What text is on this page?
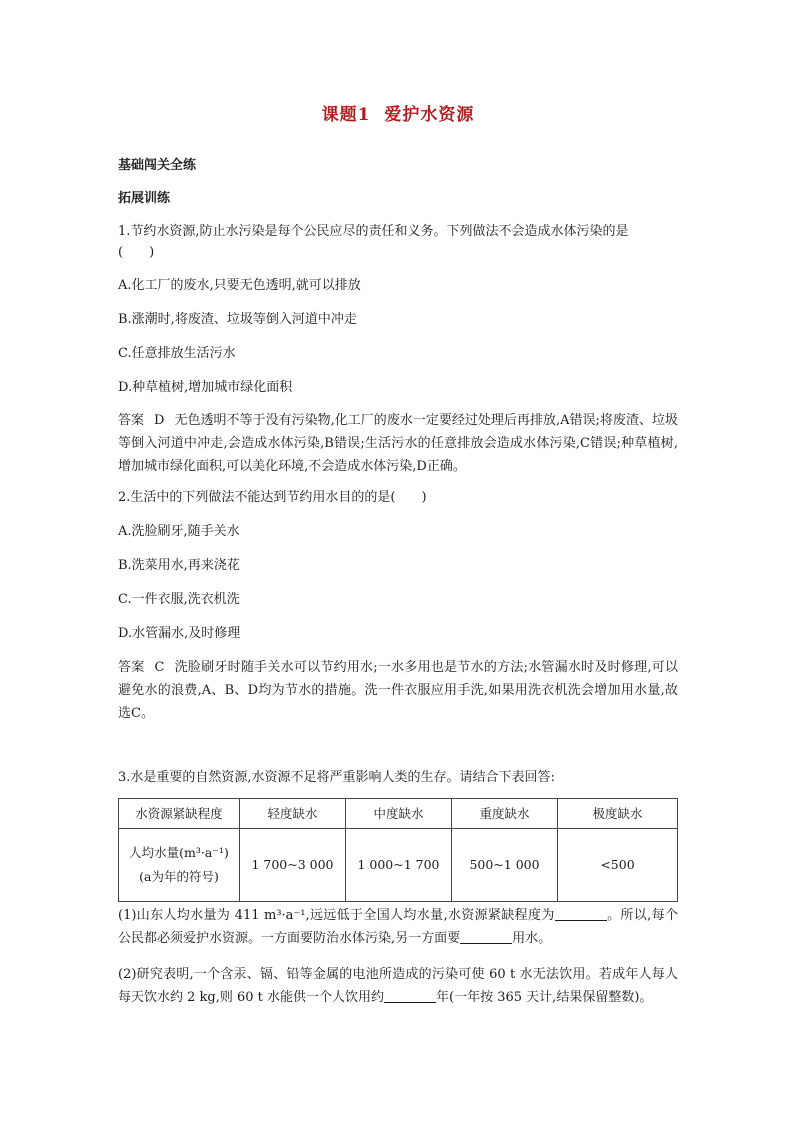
课题1 爱护水资源
基础闯关全练
拓展训练
1.节约水资源,防止水污染是每个公民应尽的责任和义务。下列做法不会造成水体污染的是
(　　)
A.化工厂的废水,只要无色透明,就可以排放
B.涨潮时,将废渣、垃圾等倒入河道中冲走
C.任意排放生活污水
D.种草植树,增加城市绿化面积
答案 D 无色透明不等于没有污染物,化工厂的废水一定要经过处理后再排放,A错误;将废渣、垃圾等倒入河道中冲走,会造成水体污染,B错误;生活污水的任意排放会造成水体污染,C错误;种草植树,增加城市绿化面积,可以美化环境,不会造成水体污染,D正确。
2.生活中的下列做法不能达到节约用水目的的是(　　)
A.洗脸刷牙,随手关水
B.洗菜用水,再来浇花
C.一件衣服,洗衣机洗
D.水管漏水,及时修理
答案 C 洗脸刷牙时随手关水可以节约用水;一水多用也是节水的方法;水管漏水时及时修理,可以避免水的浪费,A、B、D均为节水的措施。洗一件衣服应用手洗,如果用洗衣机洗会增加用水量,故选C。
3.水是重要的自然资源,水资源不足将严重影响人类的生存。请结合下表回答:
水资源紧缺程度	轻度缺水	中度缺水	重度缺水	极度缺水

人均水量(m³·a⁻¹)
(a为年的符号)	1 700~3 000	1 000~1 700	500~1 000	<500
(1)山东人均水量为 411 m³·a⁻¹,远远低于全国人均水量,水资源紧缺程度为	。所以,每个公民都必须爱护水资源。一方面要防治水体污染,另一方面要	用水。
(2)研究表明,一个含汞、镉、铅等金属的电池所造成的污染可使 60 t 水无法饮用。若成年人每人每天饮水约 2 kg,则 60 t 水能供一个人饮用约	年(一年按 365 天计,结果保留整数)。
